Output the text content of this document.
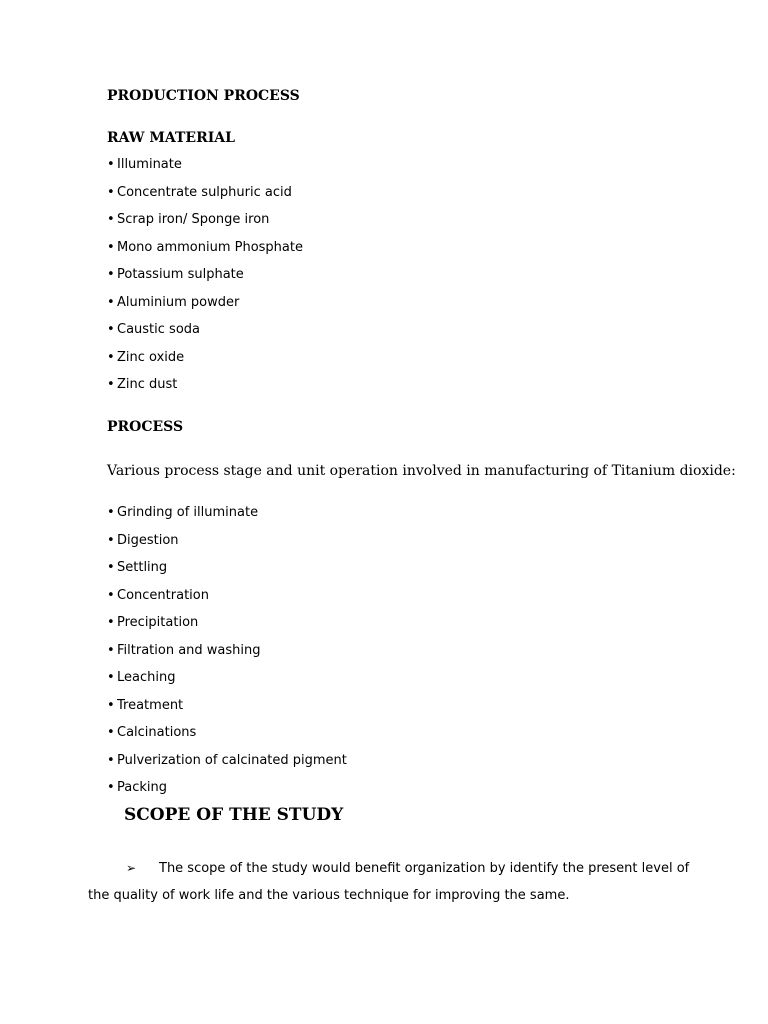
PRODUCTION PROCESS
RAW MATERIAL
• Illuminate
• Concentrate sulphuric acid
• Scrap iron/ Sponge iron
• Mono ammonium Phosphate
• Potassium sulphate
• Aluminium powder
• Caustic soda
• Zinc oxide
• Zinc dust
PROCESS

Various process stage and unit operation involved in manufacturing of Titanium dioxide:

• Grinding of illuminate
• Digestion
• Settling
• Concentration
• Precipitation
• Filtration and washing
• Leaching
• Treatment
• Calcinations
• Pulverization of calcinated pigment
• Packing
SCOPE OF THE STUDY

➢ The scope of the study would benefit organization by identify the present level of the quality of work life and the various technique for improving the same.
